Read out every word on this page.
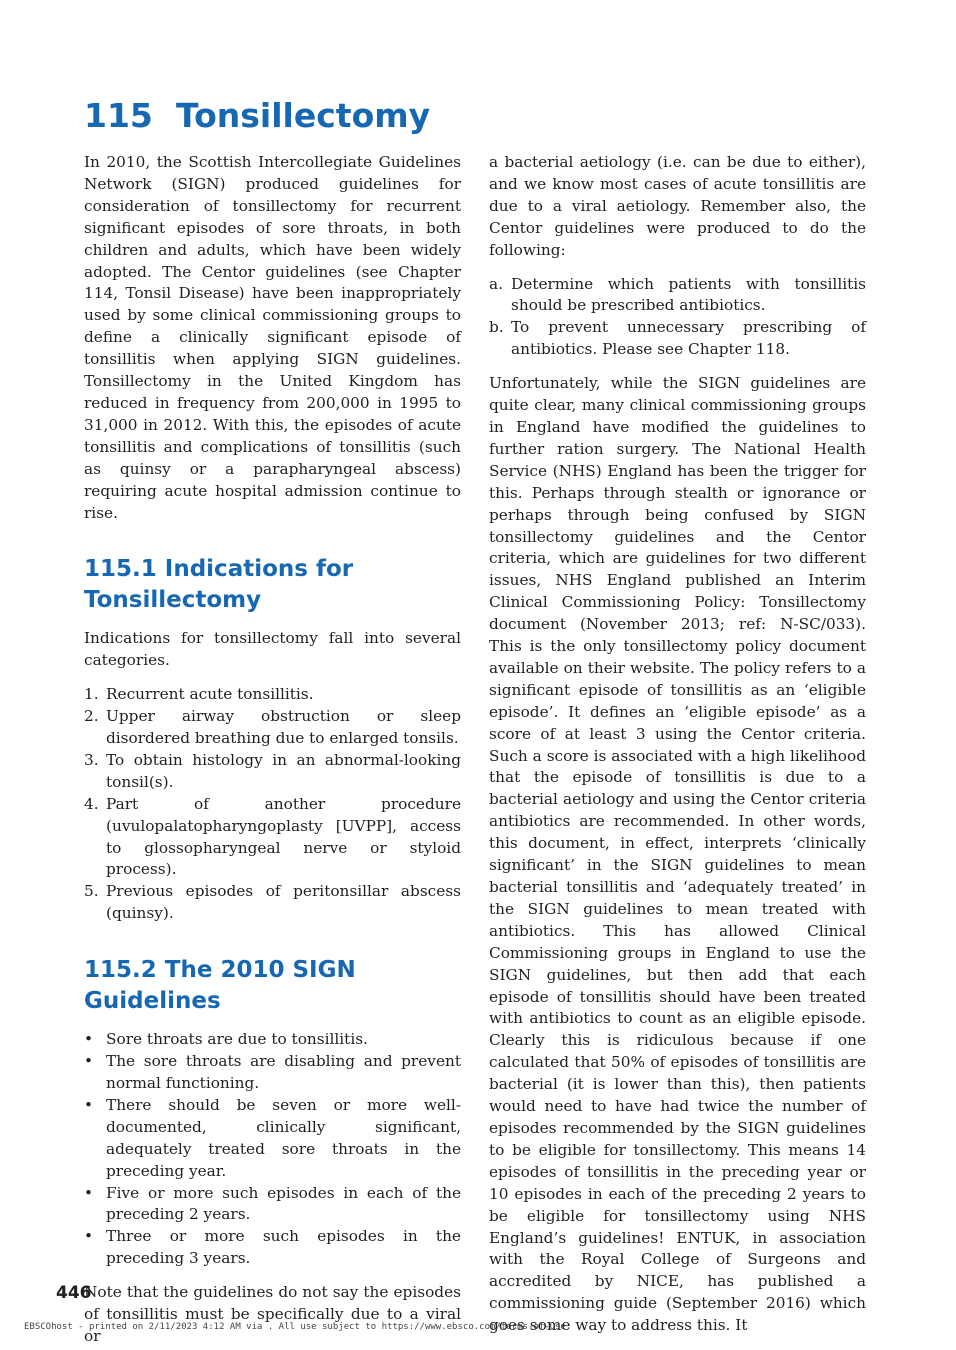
115 Tonsillectomy

In 2010, the Scottish Intercollegiate Guidelines Network (SIGN) produced guidelines for consideration of tonsillectomy for recurrent significant episodes of sore throats, in both children and adults, which have been widely adopted. The Centor guidelines (see Chapter 114, Tonsil Disease) have been inappropriately used by some clinical commissioning groups to define a clinically significant episode of tonsillitis when applying SIGN guidelines. Tonsillectomy in the United Kingdom has reduced in frequency from 200,000 in 1995 to 31,000 in 2012. With this, the episodes of acute tonsillitis and complications of tonsillitis (such as quinsy or a parapharyngeal abscess) requiring acute hospital admission continue to rise.

115.1 Indications for
Tonsillectomy

Indications for tonsillectomy fall into several categories.

1. Recurrent acute tonsillitis.
2. Upper airway obstruction or sleep disordered breathing due to enlarged tonsils.
3. To obtain histology in an abnormal-looking tonsil(s).
4. Part of another procedure (uvulopalatopharyngoplasty [UVPP], access to glossopharyngeal nerve or styloid process).
5. Previous episodes of peritonsillar abscess (quinsy).
115.2 The 2010 SIGN
Guidelines
• Sore throats are due to tonsillitis.
• The sore throats are disabling and prevent normal functioning.
• There should be seven or more well-documented, clinically significant, adequately treated sore throats in the preceding year.
• Five or more such episodes in each of the preceding 2 years.
• Three or more such episodes in the preceding 3 years.

Note that the guidelines do not say the episodes of tonsillitis must be specifically due to a viral or

a bacterial aetiology (i.e. can be due to either), and we know most cases of acute tonsillitis are due to a viral aetiology. Remember also, the Centor guidelines were produced to do the following:

a. Determine which patients with tonsillitis should be prescribed antibiotics.
b. To prevent unnecessary prescribing of antibiotics. Please see Chapter 118.

Unfortunately, while the SIGN guidelines are quite clear, many clinical commissioning groups in England have modified the guidelines to further ration surgery. The National Health Service (NHS) England has been the trigger for this. Perhaps through stealth or ignorance or perhaps through being confused by SIGN tonsillectomy guidelines and the Centor criteria, which are guidelines for two different issues, NHS England published an Interim Clinical Commissioning Policy: Tonsillectomy document (November 2013; ref: N-SC/033). This is the only tonsillectomy policy document available on their website. The policy refers to a significant episode of tonsillitis as an ‘eligible episode’. It defines an ‘eligible episode’ as a score of at least 3 using the Centor criteria. Such a score is associated with a high likelihood that the episode of tonsillitis is due to a bacterial aetiology and using the Centor criteria antibiotics are recommended. In other words, this document, in effect, interprets ‘clinically significant’ in the SIGN guidelines to mean bacterial tonsillitis and ‘adequately treated’ in the SIGN guidelines to mean treated with antibiotics. This has allowed Clinical Commissioning groups in England to use the SIGN guidelines, but then add that each episode of tonsillitis should have been treated with antibiotics to count as an eligible episode. Clearly this is ridiculous because if one calculated that 50% of episodes of tonsillitis are bacterial (it is lower than this), then patients would need to have had twice the number of episodes recommended by the SIGN guidelines to be eligible for tonsillectomy. This means 14 episodes of tonsillitis in the preceding year or 10 episodes in each of the preceding 2 years to be eligible for tonsillectomy using NHS England’s guidelines! ENTUK, in association with the Royal College of Surgeons and accredited by NICE, has published a commissioning guide (September 2016) which goes some way to address this. It

446
EBSCOhost - printed on 2/11/2023 4:12 AM via . All use subject to https://www.ebsco.com/terms-of-use
